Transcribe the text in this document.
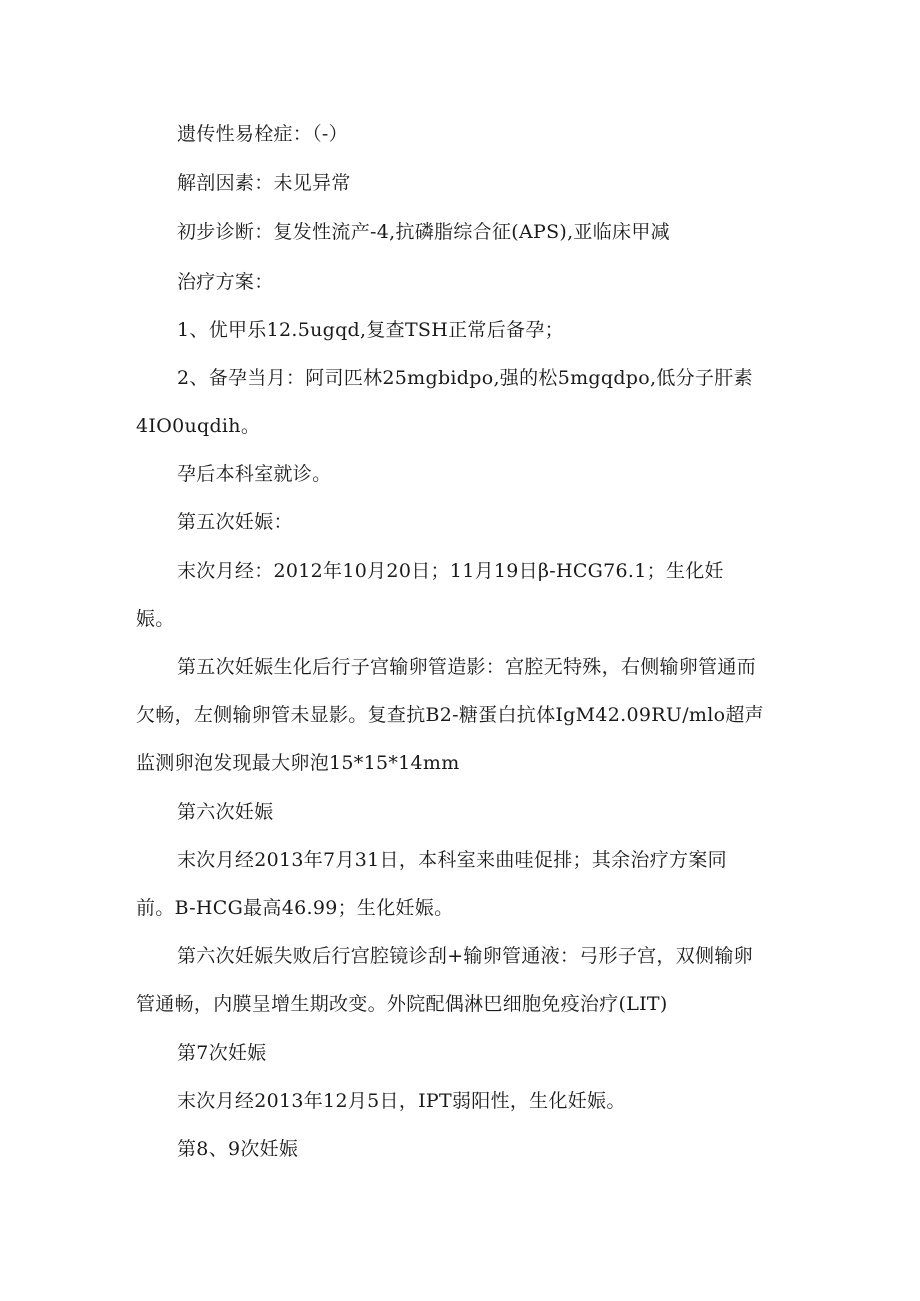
遗传性易栓症：（-）
解剖因素：未见异常
初步诊断：复发性流产-4,抗磷脂综合征(APS),亚临床甲减
治疗方案：
1、优甲乐12.5ugqd,复查TSH正常后备孕；
2、备孕当月：阿司匹林25mgbidpo,强的松5mgqdpo,低分子肝素
4IO0uqdih。
孕后本科室就诊。
第五次妊娠：
末次月经：2012年10月20日；11月19日β-HCG76.1；生化妊
娠。
第五次妊娠生化后行子宫输卵管造影：宫腔无特殊，右侧输卵管通而
欠畅，左侧输卵管未显影。复查抗B2-糖蛋白抗体IgM42.09RU/mlo超声
监测卵泡发现最大卵泡15*15*14mm
第六次妊娠
末次月经2013年7月31日，本科室来曲哇促排；其余治疗方案同
前。B-HCG最高46.99；生化妊娠。
第六次妊娠失败后行宫腔镜诊刮+输卵管通液：弓形子宫，双侧输卵
管通畅，内膜呈增生期改变。外院配偶淋巴细胞免疫治疗(LIT)
第7次妊娠
末次月经2013年12月5日，IPT弱阳性，生化妊娠。
第8、9次妊娠
